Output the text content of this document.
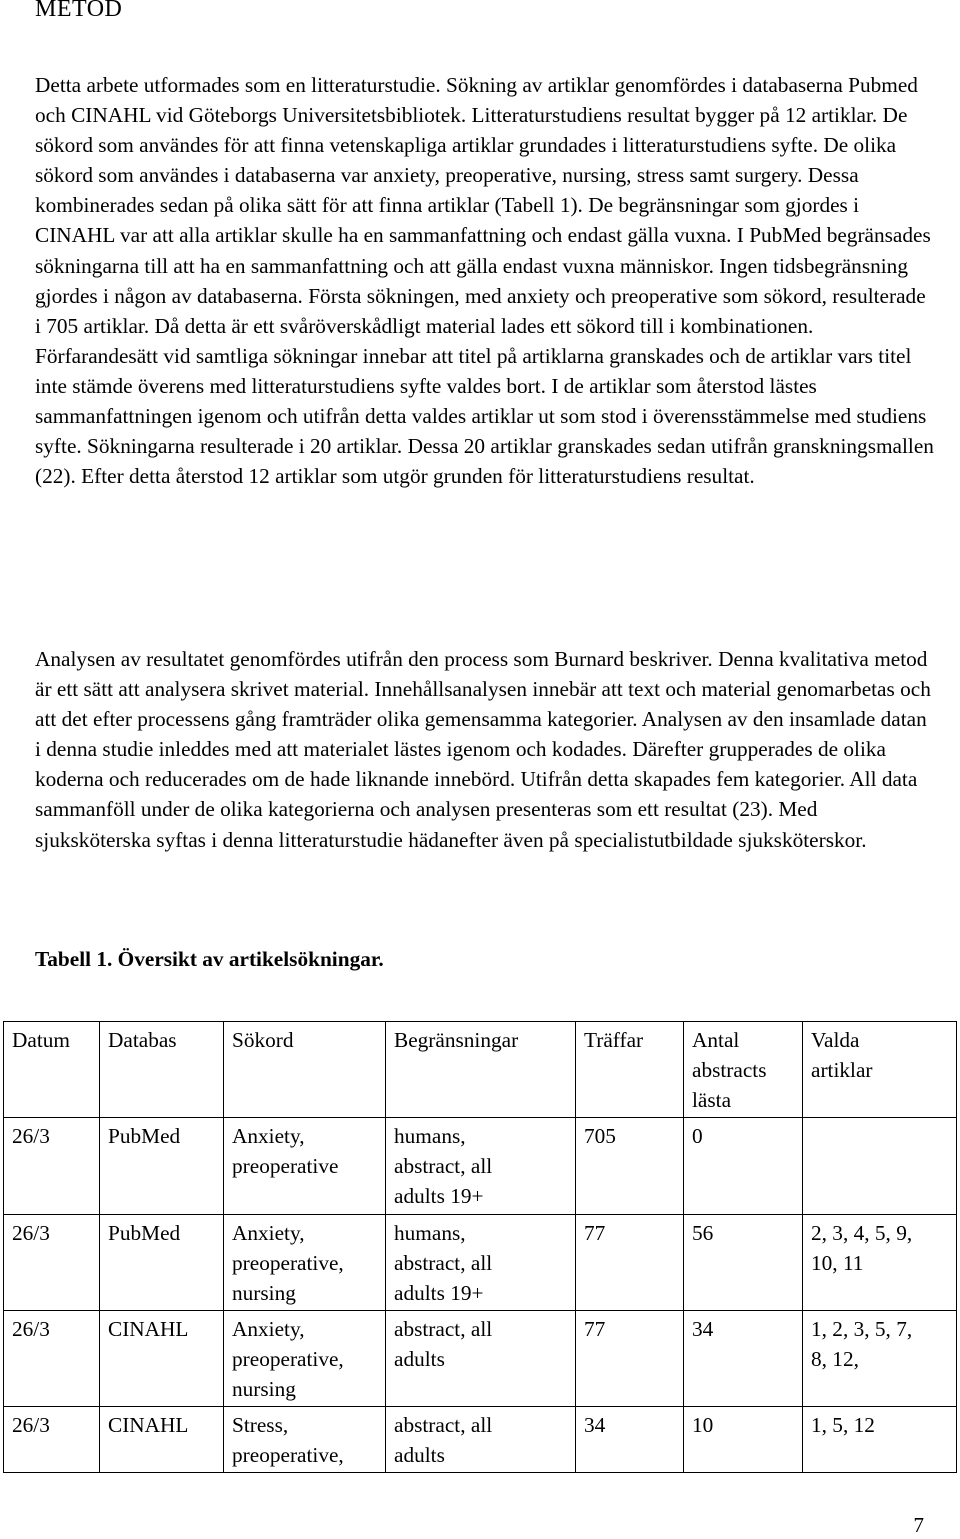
METOD

Detta arbete utformades som en litteraturstudie. Sökning av artiklar genomfördes i databaserna Pubmed och CINAHL vid Göteborgs Universitetsbibliotek. Litteraturstudiens resultat bygger på 12 artiklar. De sökord som användes för att finna vetenskapliga artiklar grundades i litteraturstudiens syfte. De olika sökord som användes i databaserna var anxiety, preoperative, nursing, stress samt surgery. Dessa kombinerades sedan på olika sätt för att finna artiklar (Tabell 1). De begränsningar som gjordes i CINAHL var att alla artiklar skulle ha en sammanfattning och endast gälla vuxna. I PubMed begränsades sökningarna till att ha en sammanfattning och att gälla endast vuxna människor. Ingen tidsbegränsning gjordes i någon av databaserna. Första sökningen, med anxiety och preoperative som sökord, resulterade i 705 artiklar. Då detta är ett svåröverskådligt material lades ett sökord till i kombinationen. Förfarandesätt vid samtliga sökningar innebar att titel på artiklarna granskades och de artiklar vars titel inte stämde överens med litteraturstudiens syfte valdes bort. I de artiklar som återstod lästes sammanfattningen igenom och utifrån detta valdes artiklar ut som stod i överensstämmelse med studiens syfte. Sökningarna resulterade i 20 artiklar. Dessa 20 artiklar granskades sedan utifrån granskningsmallen (22). Efter detta återstod 12 artiklar som utgör grunden för litteraturstudiens resultat.

Analysen av resultatet genomfördes utifrån den process som Burnard beskriver. Denna kvalitativa metod är ett sätt att analysera skrivet material. Innehållsanalysen innebär att text och material genomarbetas och att det efter processens gång framträder olika gemensamma kategorier. Analysen av den insamlade datan i denna studie inleddes med att materialet lästes igenom och kodades. Därefter grupperades de olika koderna och reducerades om de hade liknande innebörd. Utifrån detta skapades fem kategorier. All data sammanföll under de olika kategorierna och analysen presenteras som ett resultat (23). Med sjuksköterska syftas i denna litteraturstudie hädanefter även på specialistutbildade sjuksköterskor.

Tabell 1. Översikt av artikelsökningar.

Datum	Databas	Sökord	Begränsningar	Träffar	Antal
abstracts
lästa	Valda
artiklar

26/3	PubMed	Anxiety,
preoperative	humans,
abstract, all
adults 19+	705	0	

26/3	PubMed	Anxiety,
preoperative,
nursing	humans,
abstract, all
adults 19+	77	56	2, 3, 4, 5, 9,
10, 11

26/3	CINAHL	Anxiety,
preoperative,
nursing	abstract, all
adults	77	34	1, 2, 3, 5, 7,
8, 12,

26/3	CINAHL	Stress,
preoperative,	abstract, all
adults	34	10	1, 5, 12

7
